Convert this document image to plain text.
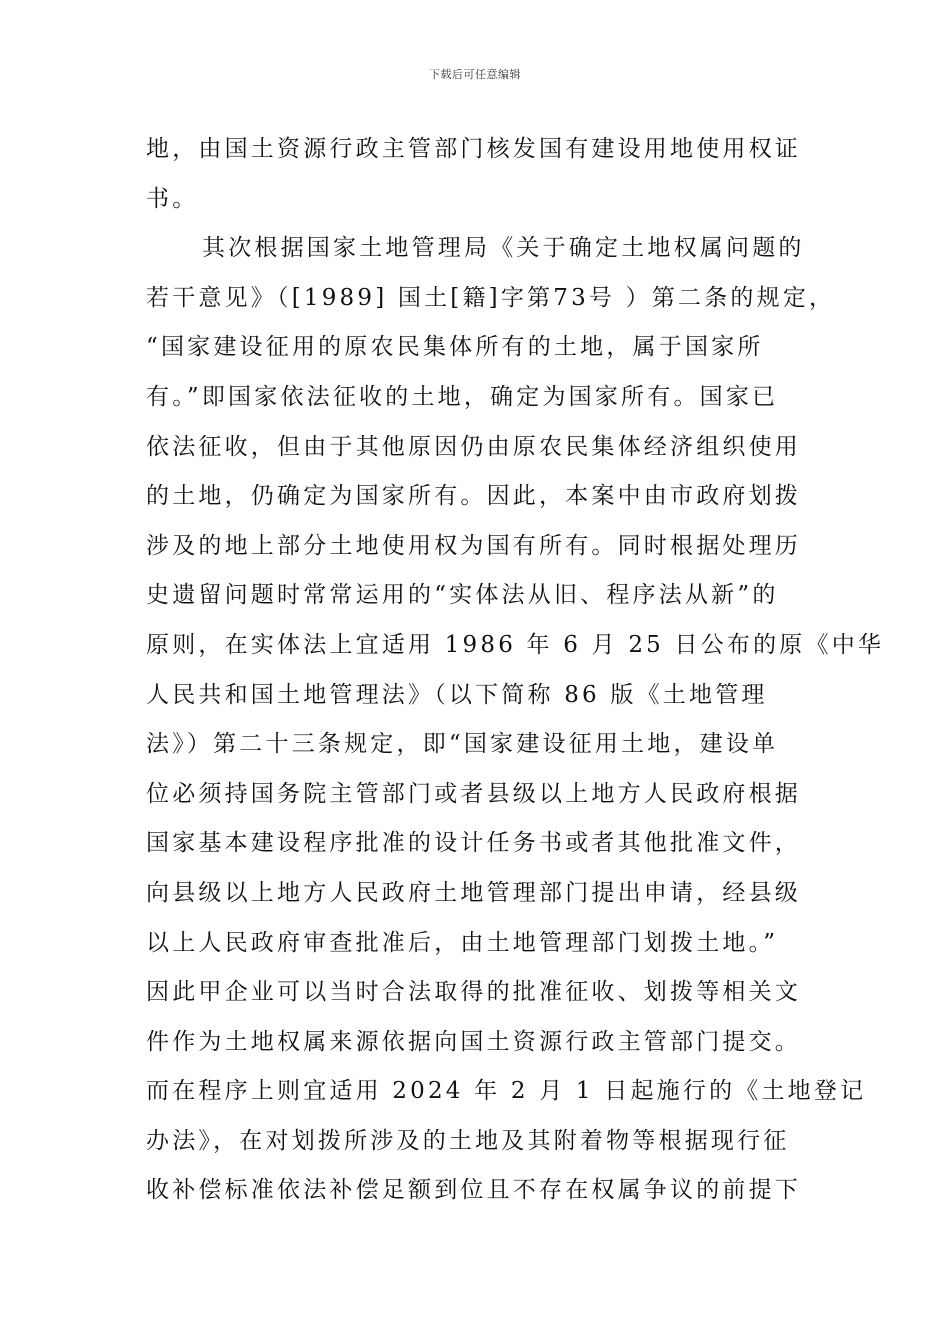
下载后可任意编辑
地，由国土资源行政主管部门核发国有建设用地使用权证
书。
其次根据国家土地管理局《关于确定土地权属问题的
若干意见》（[1989] 国土[籍]字第73号 ）第二条的规定，
“国家建设征用的原农民集体所有的土地，属于国家所
有。”即国家依法征收的土地，确定为国家所有。国家已
依法征收，但由于其他原因仍由原农民集体经济组织使用
的土地，仍确定为国家所有。因此，本案中由市政府划拨
涉及的地上部分土地使用权为国有所有。同时根据处理历
史遗留问题时常常运用的“实体法从旧、程序法从新”的
原则，在实体法上宜适用 1986 年 6 月 25 日公布的原《中华
人民共和国土地管理法》（以下简称 86 版《土地管理
法》）第二十三条规定，即“国家建设征用土地，建设单
位必须持国务院主管部门或者县级以上地方人民政府根据
国家基本建设程序批准的设计任务书或者其他批准文件，
向县级以上地方人民政府土地管理部门提出申请，经县级
以上人民政府审查批准后，由土地管理部门划拨土地。”
因此甲企业可以当时合法取得的批准征收、划拨等相关文
件作为土地权属来源依据向国土资源行政主管部门提交。
而在程序上则宜适用 2024 年 2 月 1 日起施行的《土地登记
办法》，在对划拨所涉及的土地及其附着物等根据现行征
收补偿标准依法补偿足额到位且不存在权属争议的前提下
